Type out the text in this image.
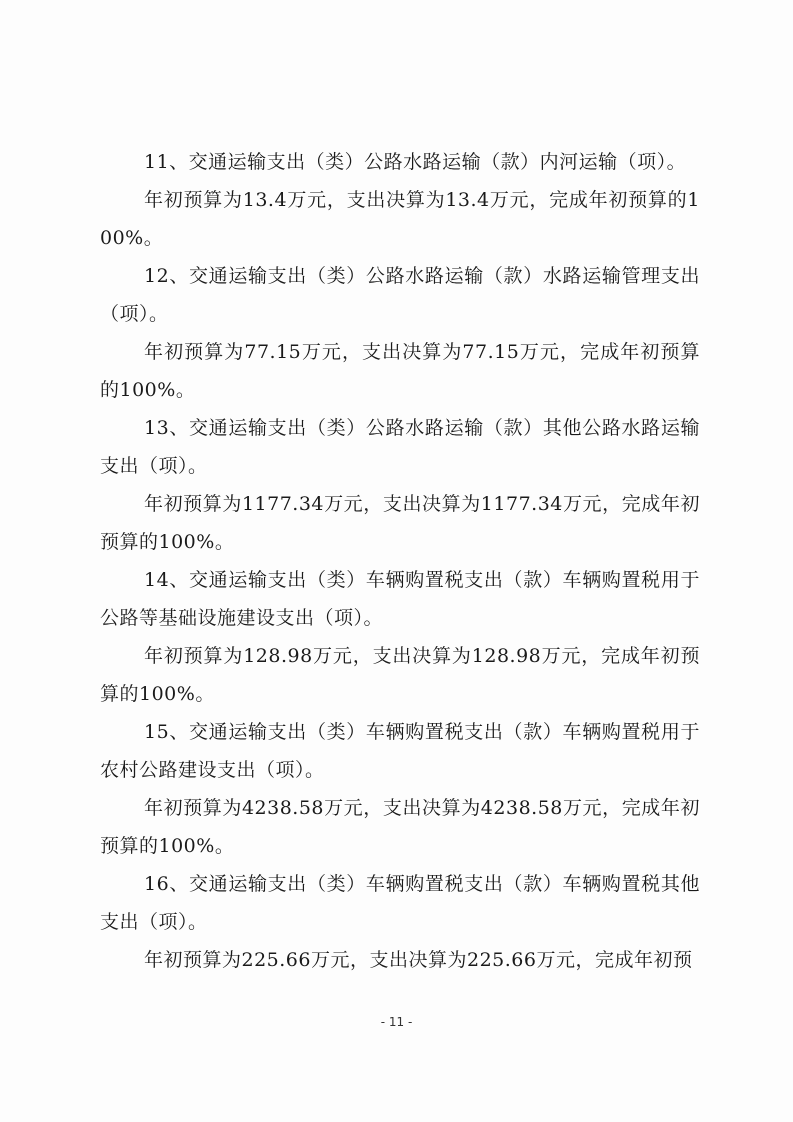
11、交通运输支出（类）公路水路运输（款）内河运输（项）。

年初预算为13.4万元，支出决算为13.4万元，完成年初预算的100%。

12、交通运输支出（类）公路水路运输（款）水路运输管理支出（项）。

年初预算为77.15万元，支出决算为77.15万元，完成年初预算的100%。

13、交通运输支出（类）公路水路运输（款）其他公路水路运输支出（项）。

年初预算为1177.34万元，支出决算为1177.34万元，完成年初预算的100%。

14、交通运输支出（类）车辆购置税支出（款）车辆购置税用于公路等基础设施建设支出（项）。

年初预算为128.98万元，支出决算为128.98万元，完成年初预算的100%。

15、交通运输支出（类）车辆购置税支出（款）车辆购置税用于农村公路建设支出（项）。

年初预算为4238.58万元，支出决算为4238.58万元，完成年初预算的100%。

16、交通运输支出（类）车辆购置税支出（款）车辆购置税其他支出（项）。

年初预算为225.66万元，支出决算为225.66万元，完成年初预

- 11 -
